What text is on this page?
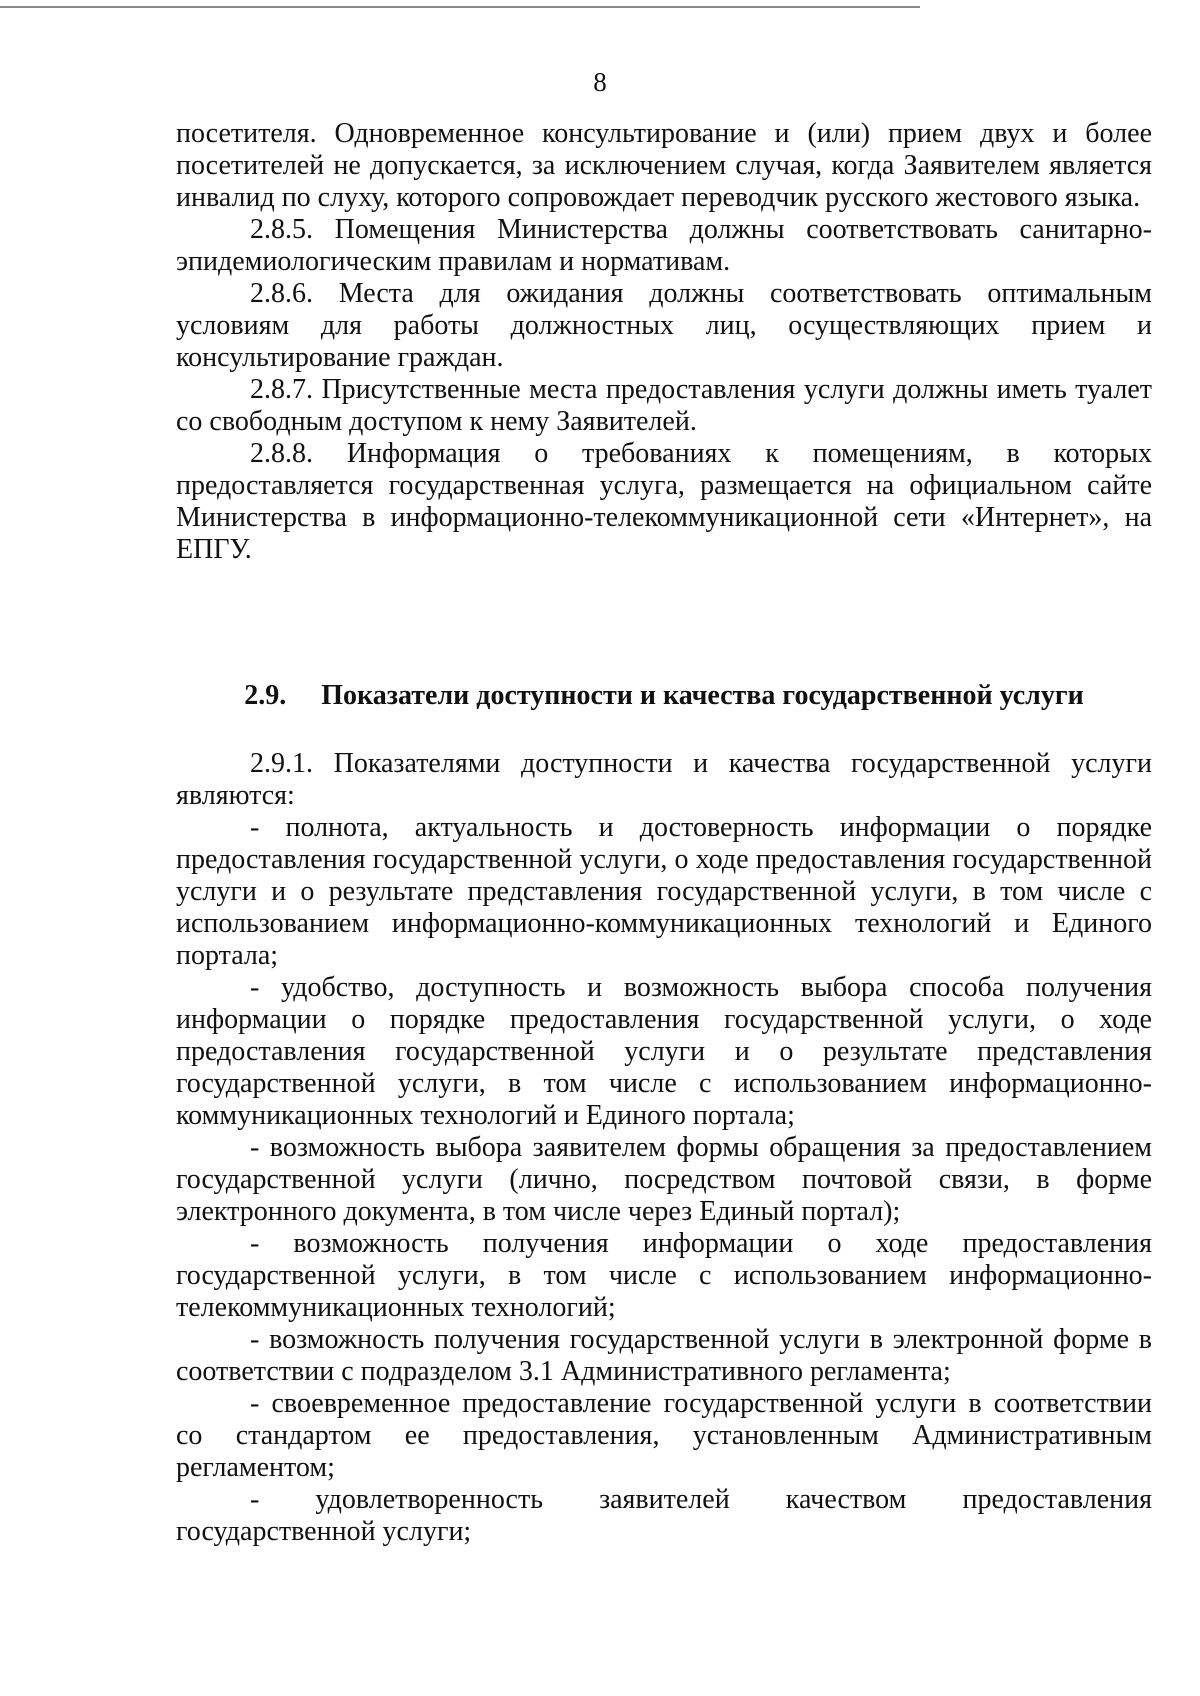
8

посетителя. Одновременное консультирование и (или) прием двух и более посетителей не допускается, за исключением случая, когда Заявителем является инвалид по слуху, которого сопровождает переводчик русского жестового языка.

2.8.5. Помещения Министерства должны соответствовать санитарно-эпидемиологическим правилам и нормативам.

2.8.6. Места для ожидания должны соответствовать оптимальным условиям для работы должностных лиц, осуществляющих прием и консультирование граждан.

2.8.7. Присутственные места предоставления услуги должны иметь туалет со свободным доступом к нему Заявителей.

2.8.8. Информация о требованиях к помещениям, в которых предоставляется государственная услуга, размещается на официальном сайте Министерства в информационно-телекоммуникационной сети «Интернет», на ЕПГУ.

2.9. Показатели доступности и качества государственной услуги

2.9.1. Показателями доступности и качества государственной услуги являются:

- полнота, актуальность и достоверность информации о порядке предоставления государственной услуги, о ходе предоставления государственной услуги и о результате представления государственной услуги, в том числе с использованием информационно-коммуникационных технологий и Единого портала;

- удобство, доступность и возможность выбора способа получения информации о порядке предоставления государственной услуги, о ходе предоставления государственной услуги и о результате представления государственной услуги, в том числе с использованием информационно-коммуникационных технологий и Единого портала;

- возможность выбора заявителем формы обращения за предоставлением государственной услуги (лично, посредством почтовой связи, в форме электронного документа, в том числе через Единый портал);

- возможность получения информации о ходе предоставления государственной услуги, в том числе с использованием информационно-телекоммуникационных технологий;

- возможность получения государственной услуги в электронной форме в соответствии с подразделом 3.1 Административного регламента;

- своевременное предоставление государственной услуги в соответствии со стандартом ее предоставления, установленным Административным регламентом;

- удовлетворенность заявителей качеством предоставления государственной услуги;
